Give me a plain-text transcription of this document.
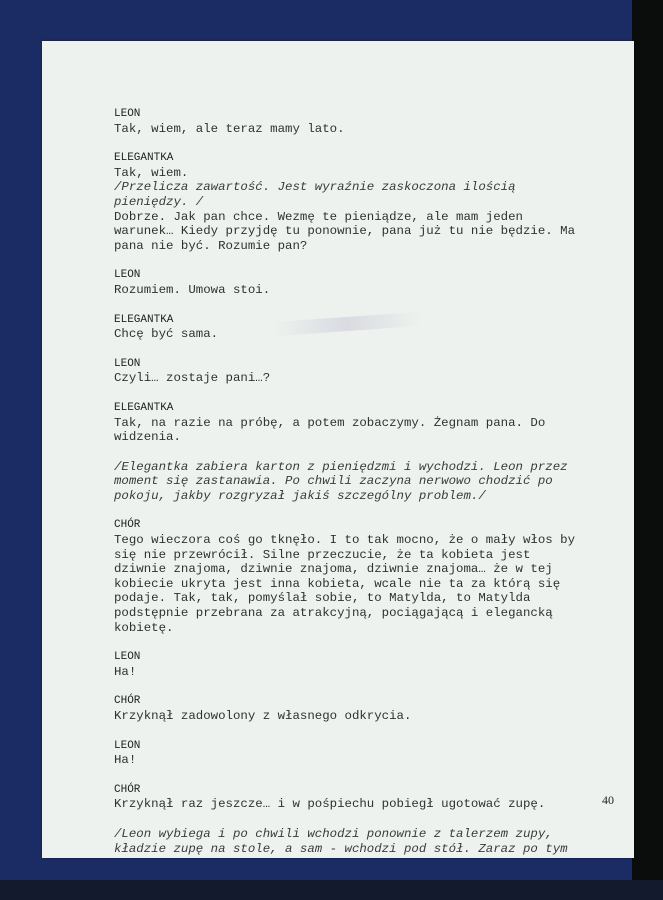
LEON
Tak, wiem, ale teraz mamy lato.
ELEGANTKA
Tak, wiem.
/Przelicza zawartość. Jest wyraźnie zaskoczona ilością
pieniędzy. /
Dobrze. Jak pan chce. Wezmę te pieniądze, ale mam jeden
warunek… Kiedy przyjdę tu ponownie, pana już tu nie będzie. Ma
pana nie być. Rozumie pan?
LEON
Rozumiem. Umowa stoi.
ELEGANTKA
Chcę być sama.
LEON
Czyli… zostaje pani…?
ELEGANTKA
Tak, na razie na próbę, a potem zobaczymy. Żegnam pana. Do
widzenia.
/Elegantka zabiera karton z pieniędzmi i wychodzi. Leon przez
moment się zastanawia. Po chwili zaczyna nerwowo chodzić po
pokoju, jakby rozgryzał jakiś szczególny problem./
CHÓR
Tego wieczora coś go tknęło. I to tak mocno, że o mały włos by
się nie przewrócił. Silne przeczucie, że ta kobieta jest
dziwnie znajoma, dziwnie znajoma, dziwnie znajoma… że w tej
kobiecie ukryta jest inna kobieta, wcale nie ta za którą się
podaje. Tak, tak, pomyślał sobie, to Matylda, to Matylda
podstępnie przebrana za atrakcyjną, pociągającą i elegancką
kobietę.
LEON
Ha!
CHÓR
Krzyknął zadowolony z własnego odkrycia.
LEON
Ha!
CHÓR
Krzyknął raz jeszcze… i w pośpiechu pobiegł ugotować zupę.
/Leon wybiega i po chwili wchodzi ponownie z talerzem zupy,
kładzie zupę na stole, a sam - wchodzi pod stół. Zaraz po tym
40
